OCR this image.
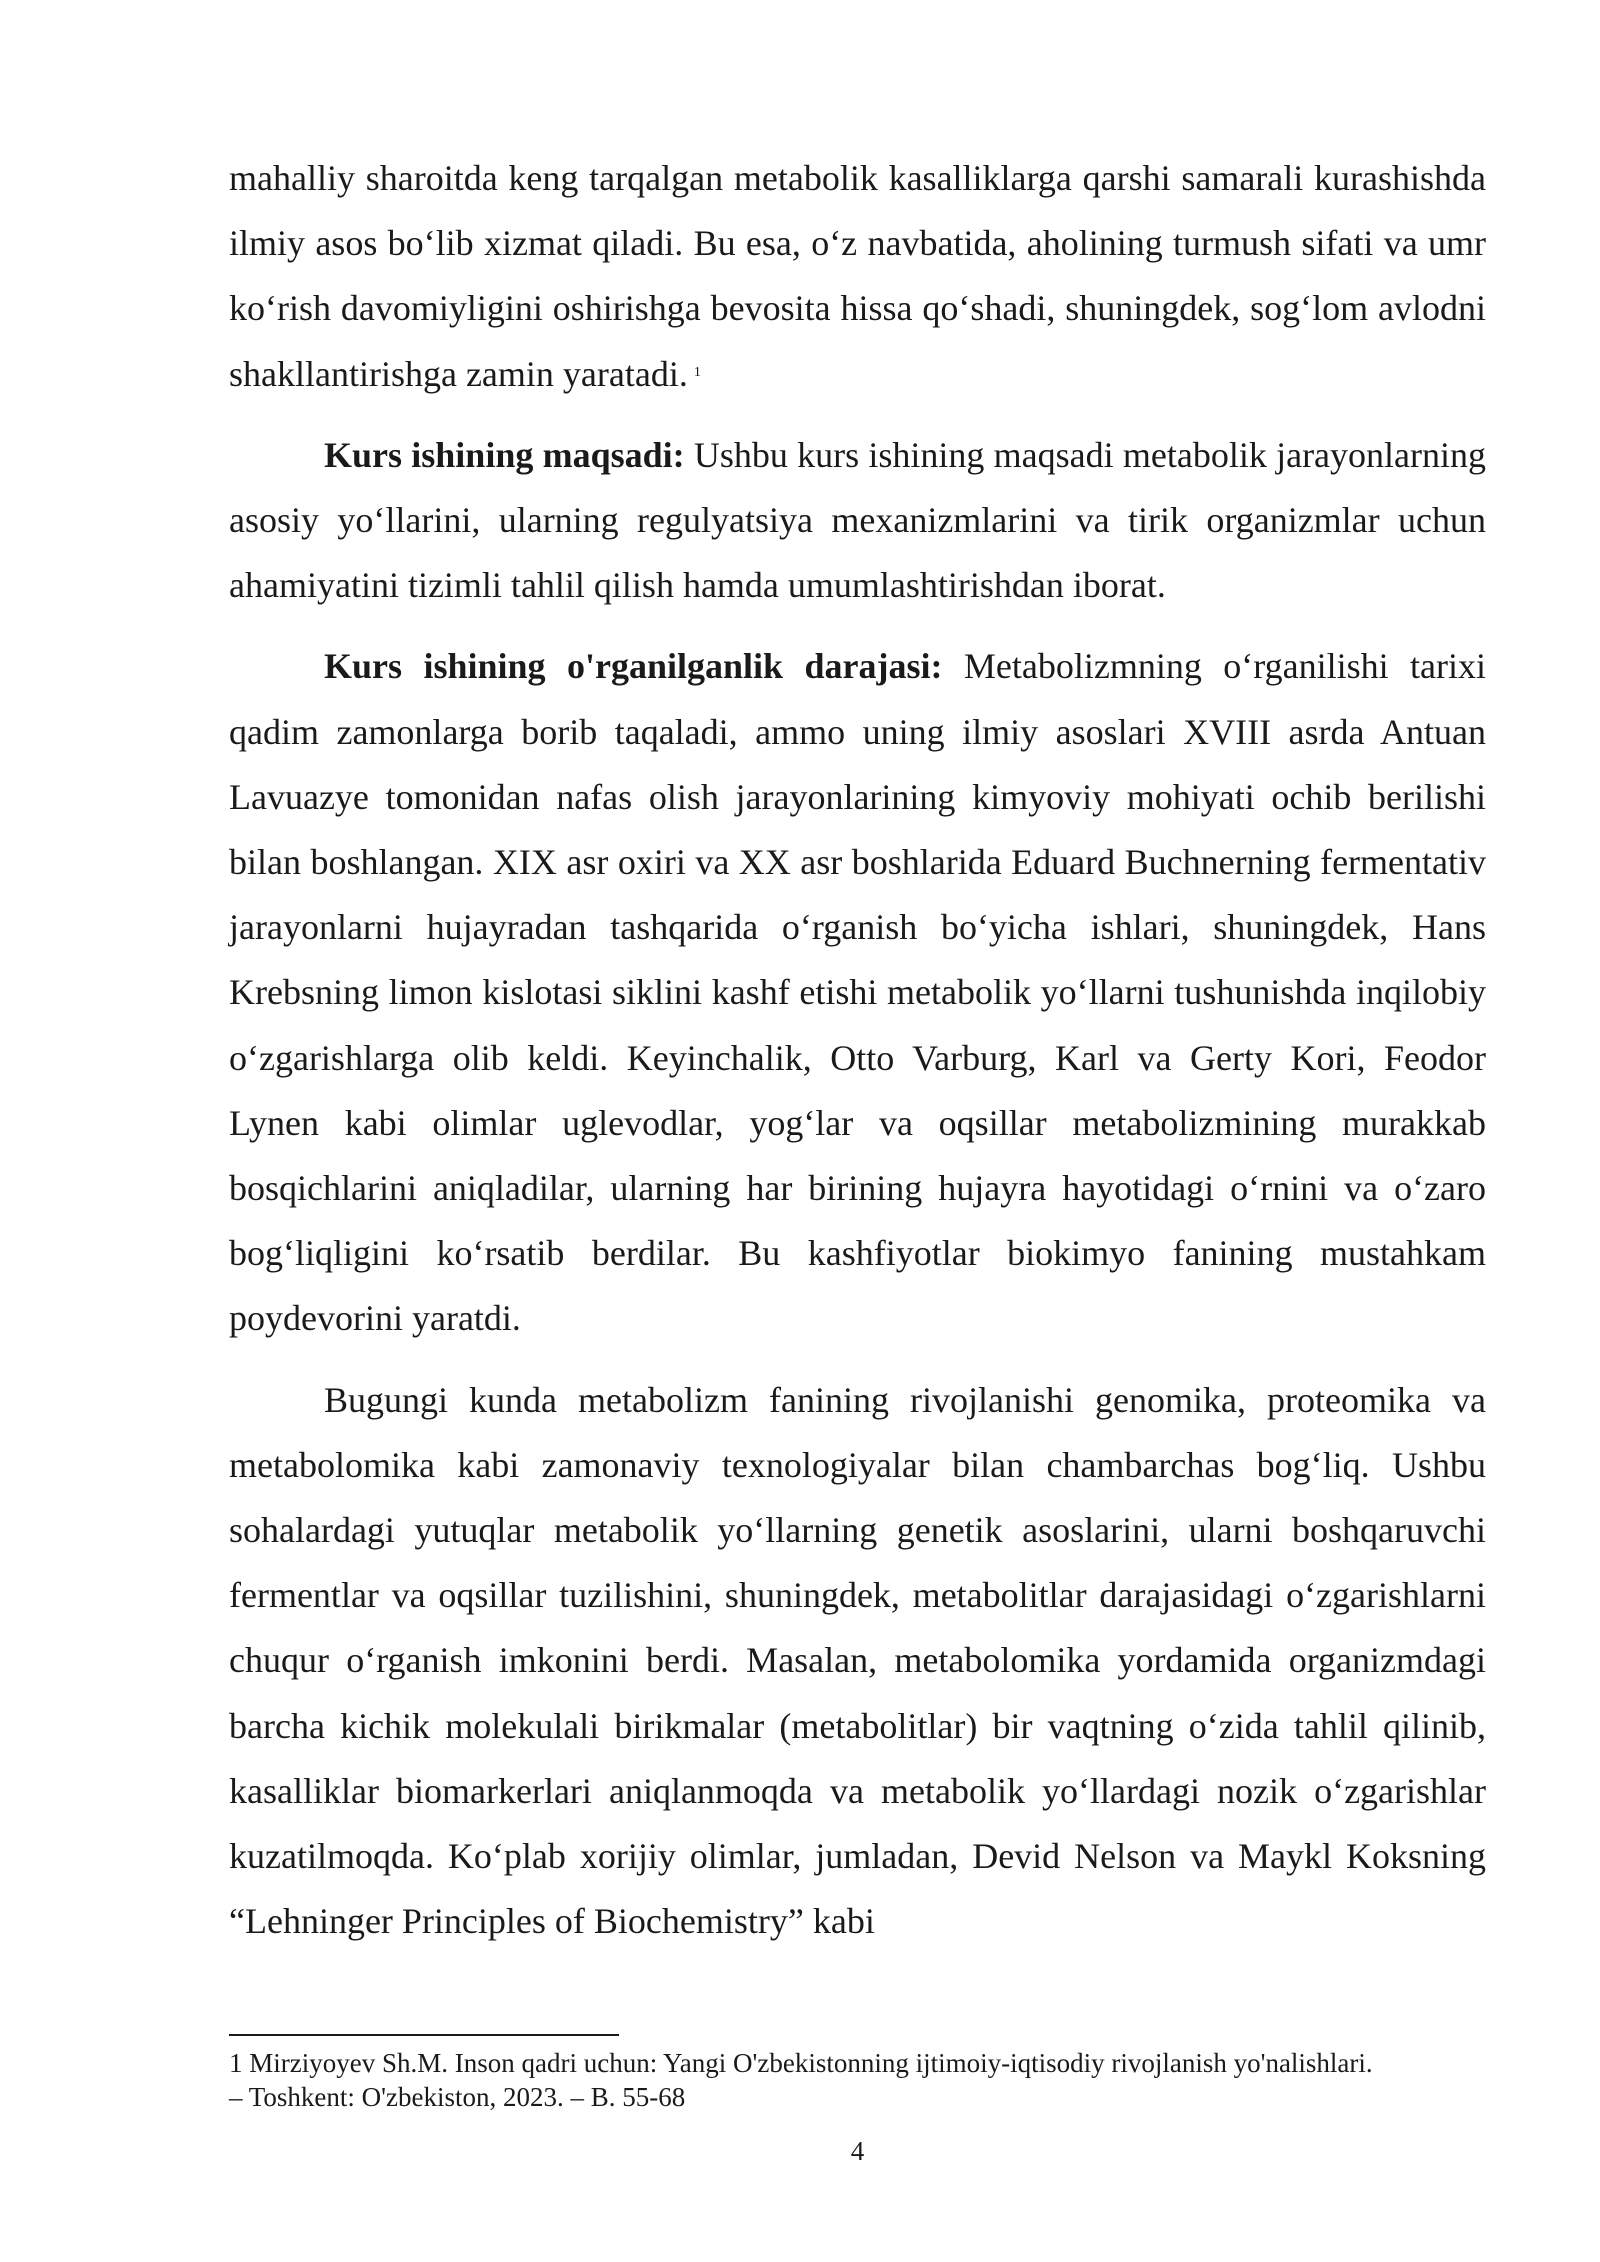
mahalliy sharoitda keng tarqalgan metabolik kasalliklarga qarshi samarali kurashishda ilmiy asos bo‘lib xizmat qiladi. Bu esa, o‘z navbatida, aholining turmush sifati va umr ko‘rish davomiyligini oshirishga bevosita hissa qo‘shadi, shuningdek, sog‘lom avlodni shakllantirishga zamin yaratadi. $^1$

Kurs ishining maqsadi: Ushbu kurs ishining maqsadi metabolik jarayonlarning asosiy yo‘llarini, ularning regulyatsiya mexanizmlarini va tirik organizmlar uchun ahamiyatini tizimli tahlil qilish hamda umumlashtirishdan iborat.

Kurs ishining o'rganilganlik darajasi: Metabolizmning o‘rganilishi tarixi qadim zamonlarga borib taqaladi, ammo uning ilmiy asoslari XVIII asrda Antuan Lavuazye tomonidan nafas olish jarayonlarining kimyoviy mohiyati ochib berilishi bilan boshlangan. XIX asr oxiri va XX asr boshlarida Eduard Buchnerning fermentativ jarayonlarni hujayradan tashqarida o‘rganish bo‘yicha ishlari, shuningdek, Hans Krebsning limon kislotasi siklini kashf etishi metabolik yo‘llarni tushunishda inqilobiy o‘zgarishlarga olib keldi. Keyinchalik, Otto Varburg, Karl va Gerty Kori, Feodor Lynen kabi olimlar uglevodlar, yog‘lar va oqsillar metabolizmining murakkab bosqichlarini aniqladilar, ularning har birining hujayra hayotidagi o‘rnini va o‘zaro bog‘liqligini ko‘rsatib berdilar. Bu kashfiyotlar biokimyo fanining mustahkam poydevorini yaratdi.

Bugungi kunda metabolizm fanining rivojlanishi genomika, proteomika va metabolomika kabi zamonaviy texnologiyalar bilan chambarchas bog‘liq. Ushbu sohalardagi yutuqlar metabolik yo‘llarning genetik asoslarini, ularni boshqaruvchi fermentlar va oqsillar tuzilishini, shuningdek, metabolitlar darajasidagi o‘zgarishlarni chuqur o‘rganish imkonini berdi. Masalan, metabolomika yordamida organizmdagi barcha kichik molekulali birikmalar (metabolitlar) bir vaqtning o‘zida tahlil qilinib, kasalliklar biomarkerlari aniqlanmoqda va metabolik yo‘llardagi nozik o‘zgarishlar kuzatilmoqda. Ko‘plab xorijiy olimlar, jumladan, Devid Nelson va Maykl Koksning “Lehninger Principles of Biochemistry” kabi

1 Mirziyoyev Sh.M. Inson qadri uchun: Yangi O'zbekistonning ijtimoiy-iqtisodiy rivojlanish yo'nalishlari.
– Toshkent: O'zbekiston, 2023. – B. 55-68
4
